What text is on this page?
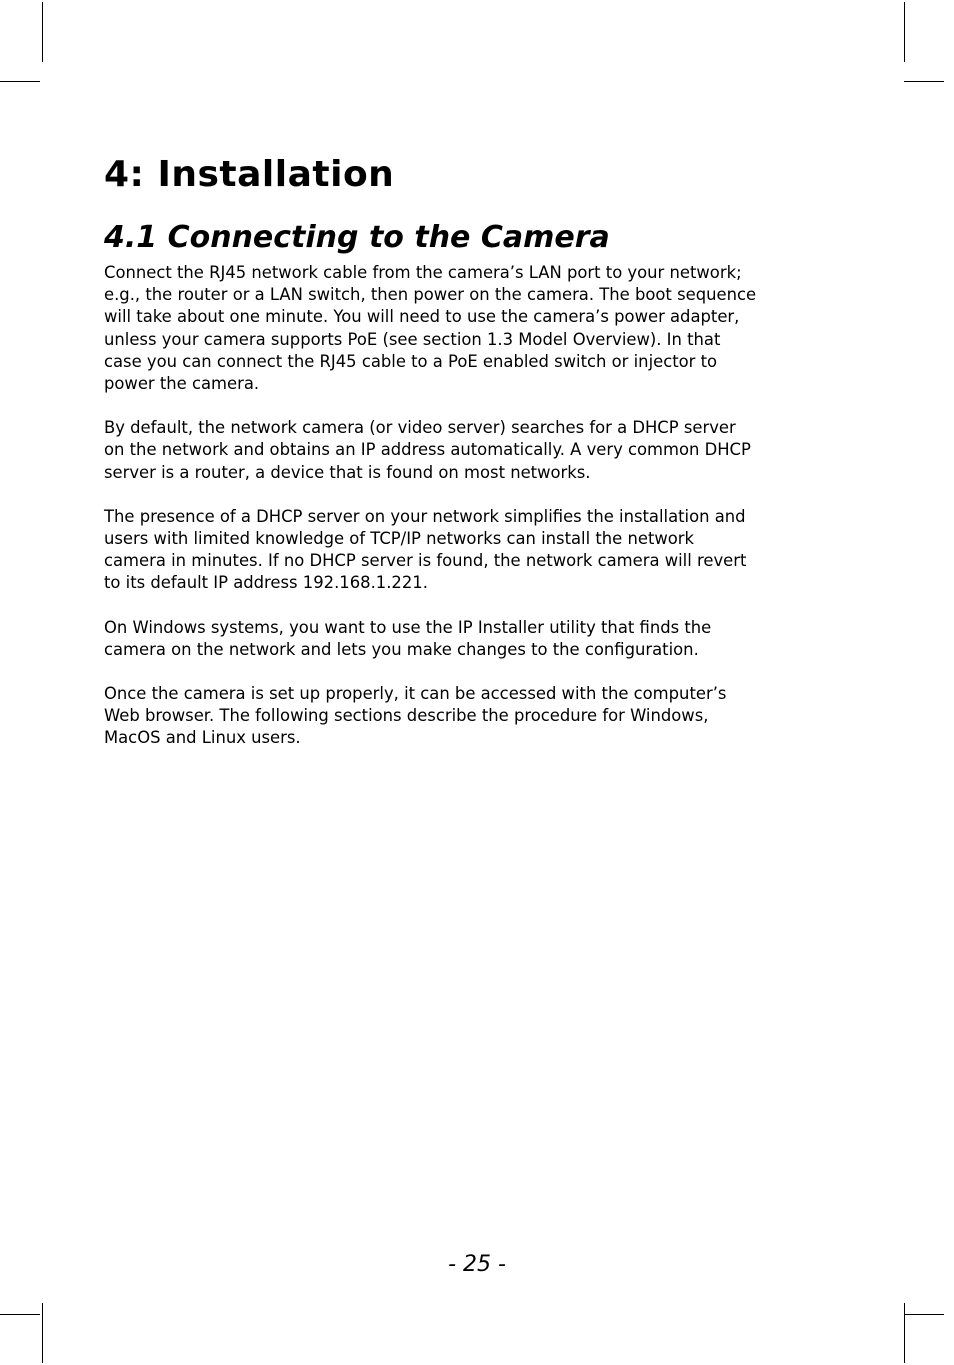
4: Installation
4.1 Connecting to the Camera

Connect the RJ45 network cable from the camera’s LAN port to your network;
e.g., the router or a LAN switch, then power on the camera. The boot sequence
will take about one minute. You will need to use the camera’s power adapter,
unless your camera supports PoE (see section 1.3 Model Overview). In that
case you can connect the RJ45 cable to a PoE enabled switch or injector to
power the camera.

By default, the network camera (or video server) searches for a DHCP server
on the network and obtains an IP address automatically. A very common DHCP
server is a router, a device that is found on most networks.

The presence of a DHCP server on your network simplifies the installation and
users with limited knowledge of TCP/IP networks can install the network
camera in minutes. If no DHCP server is found, the network camera will revert
to its default IP address 192.168.1.221.

On Windows systems, you want to use the IP Installer utility that finds the
camera on the network and lets you make changes to the configuration.

Once the camera is set up properly, it can be accessed with the computer’s
Web browser. The following sections describe the procedure for Windows,
MacOS and Linux users.

- 25 -
